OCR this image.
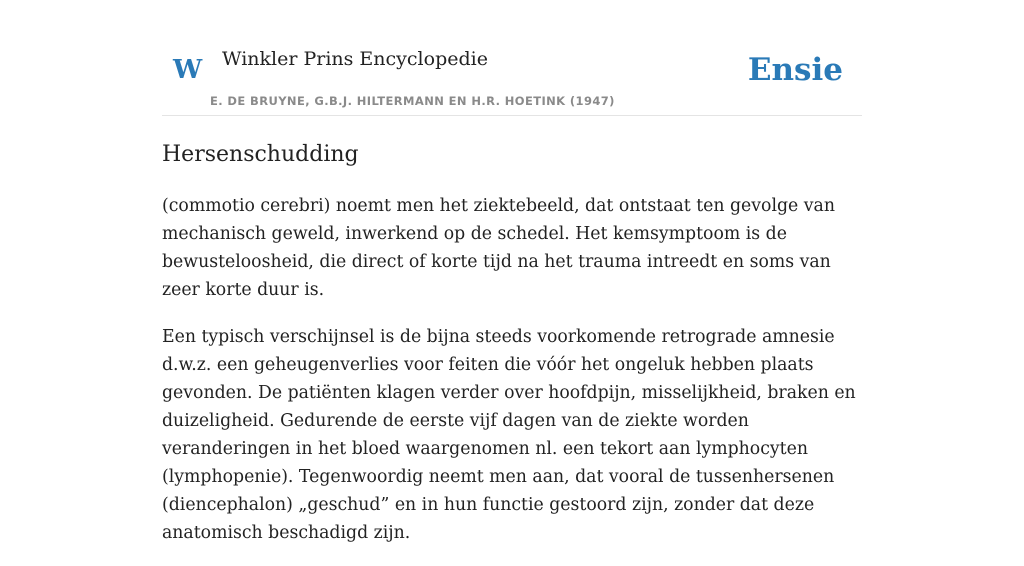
W Winkler Prins Encyclopedie
E. DE BRUYNE, G.B.J. HILTERMANN EN H.R. HOETINK (1947)
Ensie
Hersenschudding

(commotio cerebri) noemt men het ziektebeeld, dat ontstaat ten gevolge van mechanisch geweld, inwerkend op de schedel. Het kemsymptoom is de bewusteloosheid, die direct of korte tijd na het trauma intreedt en soms van zeer korte duur is.

Een typisch verschijnsel is de bijna steeds voorkomende retrograde amnesie d.w.z. een geheugenverlies voor feiten die vóór het ongeluk hebben plaats gevonden. De patiënten klagen verder over hoofdpijn, misselijkheid, braken en duizeligheid. Gedurende de eerste vijf dagen van de ziekte worden veranderingen in het bloed waargenomen nl. een tekort aan lymphocyten (lymphopenie). Tegenwoordig neemt men aan, dat vooral de tussenhersenen (diencephalon) „geschud” en in hun functie gestoord zijn, zonder dat deze anatomisch beschadigd zijn.
